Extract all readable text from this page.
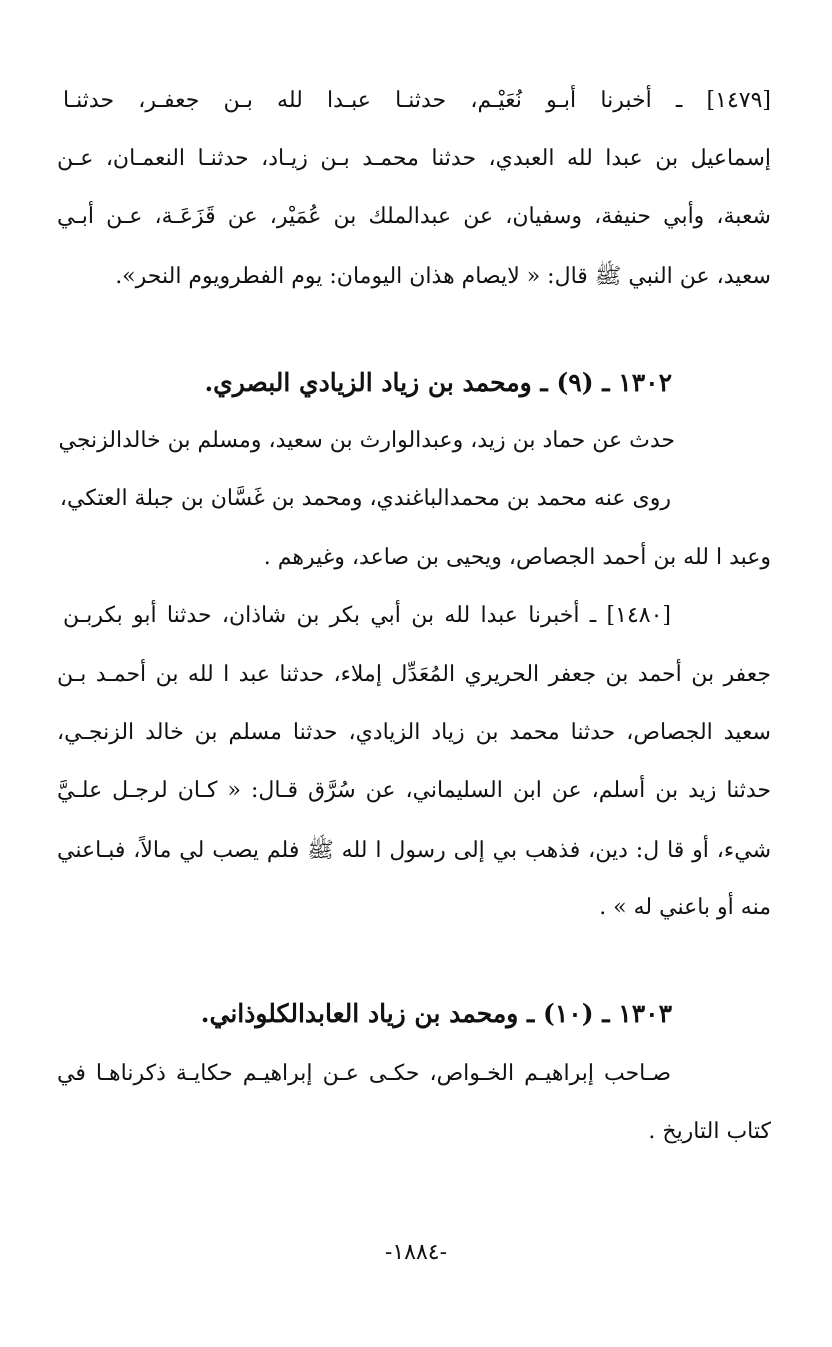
[١٤٧٩] ـ أخبرنا أبـو نُعَيْـم، حدثنـا عبـدا لله بـن جعفـر، حدثنـا
إسماعيل بن عبدا لله العبدي، حدثنا محمـد بـن زيـاد، حدثنـا النعمـان، عـن
شعبة، وأبي حنيفة، وسفيان، عن عبدالملك بن عُمَيْر، عن قَزَعَـة، عـن أبـي
سعيد، عن النبي ﷺ قال: « لايصام هذان اليومان: يوم الفطرويوم النحر».
١٣٠٢ ـ (٩) ـ ومحمد بن زياد الزيادي البصري.
حدث عن حماد بن زيد، وعبدالوارث بن سعيد، ومسلم بن خالدالزنجي
روى عنه محمد بن محمدالباغندي، ومحمد بن غَسَّان بن جبلة العتكي،
وعبد ا لله بن أحمد الجصاص، ويحيى بن صاعد، وغيرهم .
[١٤٨٠] ـ أخبرنا عبدا لله بن أبي بكر بن شاذان، حدثنا أبو بكربـن
جعفر بن أحمد بن جعفر الحريري المُعَدِّل إملاء، حدثنا عبد ا لله بن أحمـد بـن
سعيد الجصاص، حدثنا محمد بن زياد الزيادي، حدثنا مسلم بن خالد الزنجـي،
حدثنا زيد بن أسلم، عن ابن السليماني، عن سُرَّق قـال: « كـان لرجـل علـيَّ
شيء، أو قا ل: دين، فذهب بي إلى رسول ا لله ﷺ فلم يصب لي مالاً، فبـاعني
منه أو باعني له » .
١٣٠٣ ـ (١٠) ـ ومحمد بن زياد العابدالكلوذاني.
صـاحب إبراهيـم الخـواص، حكـى عـن إبراهيـم حكايـة ذكرناهـا في
كتاب التاريخ .
-١٨٨٤-
